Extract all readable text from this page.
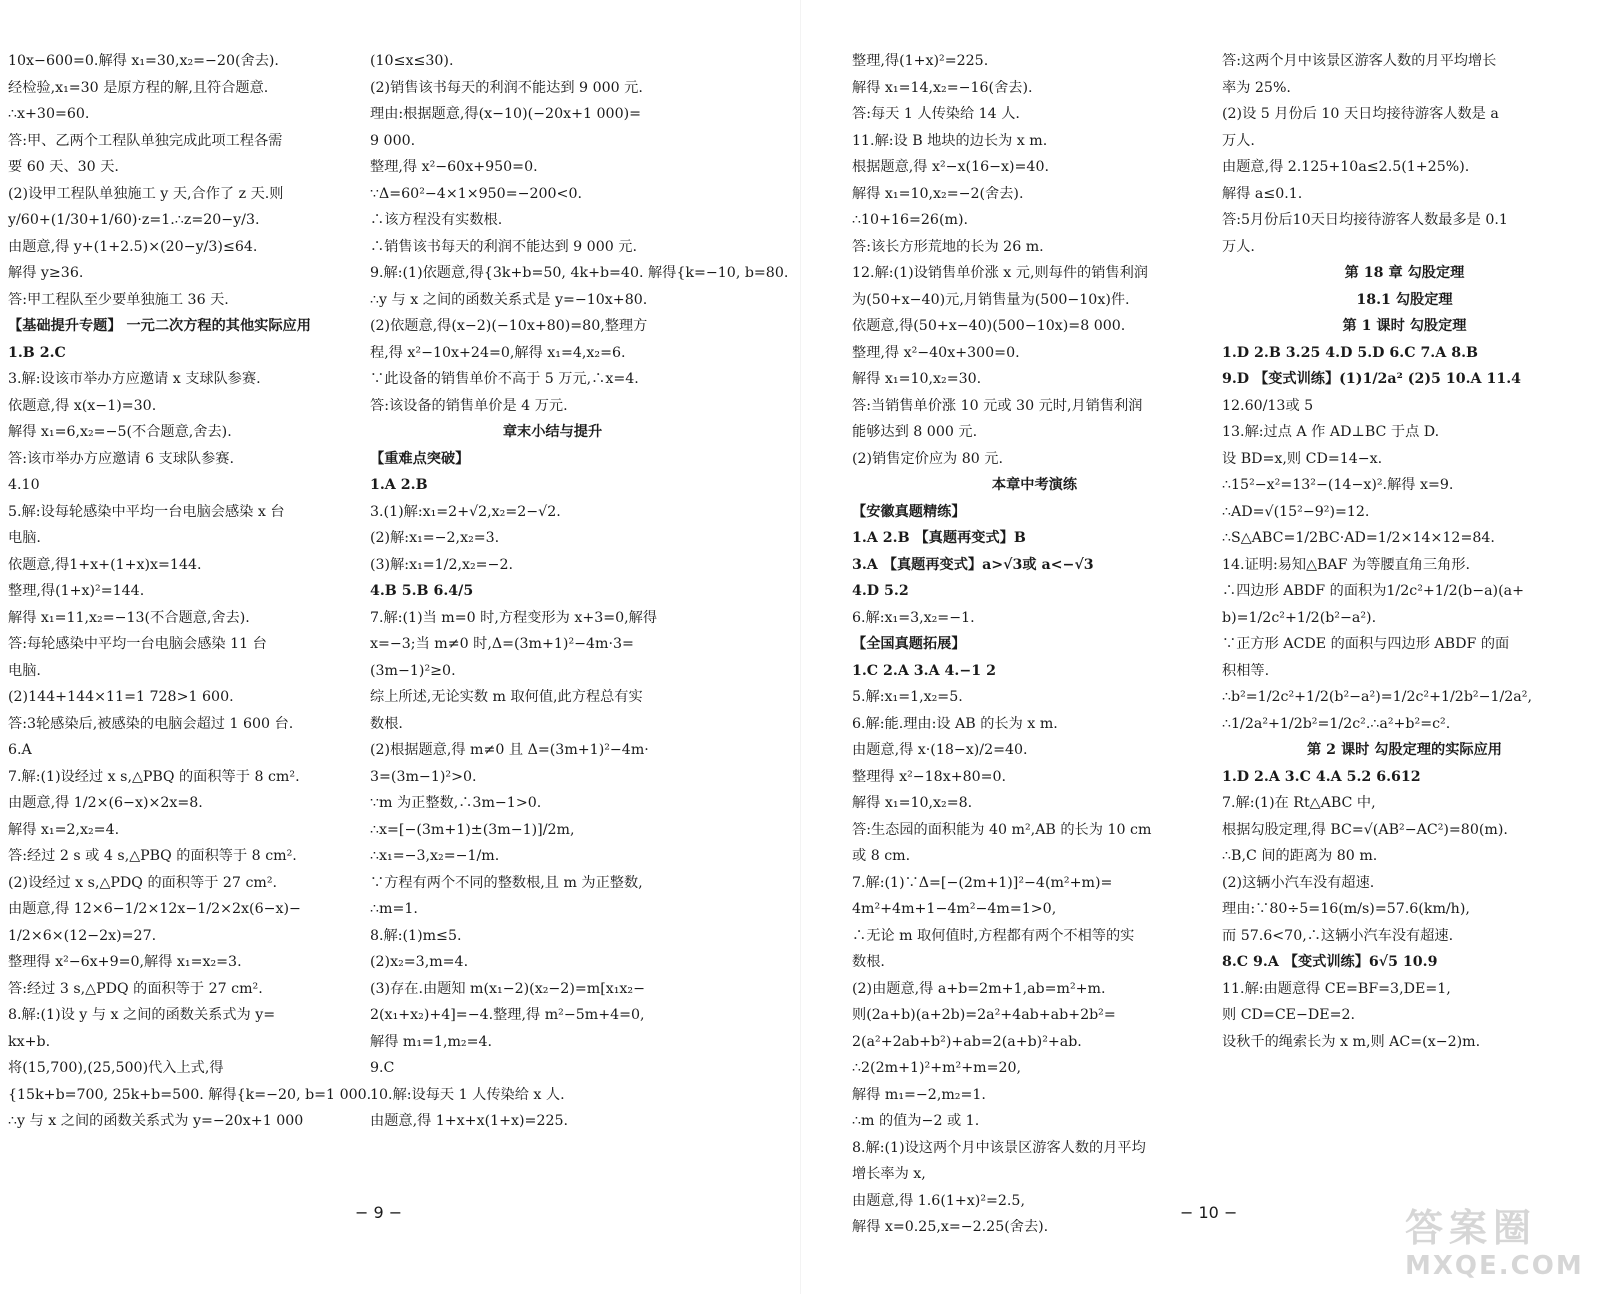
10x−600=0.解得 x₁=30,x₂=−20(舍去).
经检验,x₁=30 是原方程的解,且符合题意.
∴x+30=60.
答:甲、乙两个工程队单独完成此项工程各需
要 60 天、30 天.
(2)设甲工程队单独施工 y 天,合作了 z 天.则
y/60+(1/30+1/60)·z=1.∴z=20−y/3.
由题意,得 y+(1+2.5)×(20−y/3)≤64.
解得 y≥36.
答:甲工程队至少要单独施工 36 天.
【基础提升专题】 一元二次方程的其他实际应用
1.B 2.C
3.解:设该市举办方应邀请 x 支球队参赛.
依题意,得 x(x−1)=30.
解得 x₁=6,x₂=−5(不合题意,舍去).
答:该市举办方应邀请 6 支球队参赛.
4.10
5.解:设每轮感染中平均一台电脑会感染 x 台
电脑.
依题意,得1+x+(1+x)x=144.
整理,得(1+x)²=144.
解得 x₁=11,x₂=−13(不合题意,舍去).
答:每轮感染中平均一台电脑会感染 11 台
电脑.
(2)144+144×11=1 728>1 600.
答:3轮感染后,被感染的电脑会超过 1 600 台.
6.A
7.解:(1)设经过 x s,△PBQ 的面积等于 8 cm².
由题意,得 1/2×(6−x)×2x=8.
解得 x₁=2,x₂=4.
答:经过 2 s 或 4 s,△PBQ 的面积等于 8 cm².
(2)设经过 x s,△PDQ 的面积等于 27 cm².
由题意,得 12×6−1/2×12x−1/2×2x(6−x)−
1/2×6×(12−2x)=27.
整理得 x²−6x+9=0,解得 x₁=x₂=3.
答:经过 3 s,△PDQ 的面积等于 27 cm².
8.解:(1)设 y 与 x 之间的函数关系式为 y=
kx+b.
将(15,700),(25,500)代入上式,得
{15k+b=700, 25k+b=500. 解得{k=−20, b=1 000.
∴y 与 x 之间的函数关系式为 y=−20x+1 000
(10≤x≤30).
(2)销售该书每天的利润不能达到 9 000 元.
理由:根据题意,得(x−10)(−20x+1 000)=
9 000.
整理,得 x²−60x+950=0.
∵Δ=60²−4×1×950=−200<0.
∴该方程没有实数根.
∴销售该书每天的利润不能达到 9 000 元.
9.解:(1)依题意,得{3k+b=50, 4k+b=40. 解得{k=−10, b=80.
∴y 与 x 之间的函数关系式是 y=−10x+80.
(2)依题意,得(x−2)(−10x+80)=80,整理方
程,得 x²−10x+24=0,解得 x₁=4,x₂=6.
∵此设备的销售单价不高于 5 万元,∴x=4.
答:该设备的销售单价是 4 万元.
章末小结与提升
【重难点突破】
1.A 2.B
3.(1)解:x₁=2+√2,x₂=2−√2.
(2)解:x₁=−2,x₂=3.
(3)解:x₁=1/2,x₂=−2.
4.B 5.B 6.4/5
7.解:(1)当 m=0 时,方程变形为 x+3=0,解得
x=−3;当 m≠0 时,Δ=(3m+1)²−4m·3=
(3m−1)²≥0.
综上所述,无论实数 m 取何值,此方程总有实
数根.
(2)根据题意,得 m≠0 且 Δ=(3m+1)²−4m·
3=(3m−1)²>0.
∵m 为正整数,∴3m−1>0.
∴x=[−(3m+1)±(3m−1)]/2m,
∴x₁=−3,x₂=−1/m.
∵方程有两个不同的整数根,且 m 为正整数,
∴m=1.
8.解:(1)m≤5.
(2)x₂=3,m=4.
(3)存在.由题知 m(x₁−2)(x₂−2)=m[x₁x₂−
2(x₁+x₂)+4]=−4.整理,得 m²−5m+4=0,
解得 m₁=1,m₂=4.
9.C
10.解:设每天 1 人传染给 x 人.
由题意,得 1+x+x(1+x)=225.
整理,得(1+x)²=225.
解得 x₁=14,x₂=−16(舍去).
答:每天 1 人传染给 14 人.
11.解:设 B 地块的边长为 x m.
根据题意,得 x²−x(16−x)=40.
解得 x₁=10,x₂=−2(舍去).
∴10+16=26(m).
答:该长方形荒地的长为 26 m.
12.解:(1)设销售单价涨 x 元,则每件的销售利润
为(50+x−40)元,月销售量为(500−10x)件.
依题意,得(50+x−40)(500−10x)=8 000.
整理,得 x²−40x+300=0.
解得 x₁=10,x₂=30.
答:当销售单价涨 10 元或 30 元时,月销售利润
能够达到 8 000 元.
(2)销售定价应为 80 元.
本章中考演练
【安徽真题精练】
1.A 2.B 【真题再变式】B
3.A 【真题再变式】a>√3或 a<−√3
4.D 5.2
6.解:x₁=3,x₂=−1.
【全国真题拓展】
1.C 2.A 3.A 4.−1 2
5.解:x₁=1,x₂=5.
6.解:能.理由:设 AB 的长为 x m.
由题意,得 x·(18−x)/2=40.
整理得 x²−18x+80=0.
解得 x₁=10,x₂=8.
答:生态园的面积能为 40 m²,AB 的长为 10 cm
或 8 cm.
7.解:(1)∵Δ=[−(2m+1)]²−4(m²+m)=
4m²+4m+1−4m²−4m=1>0,
∴无论 m 取何值时,方程都有两个不相等的实
数根.
(2)由题意,得 a+b=2m+1,ab=m²+m.
则(2a+b)(a+2b)=2a²+4ab+ab+2b²=
2(a²+2ab+b²)+ab=2(a+b)²+ab.
∴2(2m+1)²+m²+m=20,
解得 m₁=−2,m₂=1.
∴m 的值为−2 或 1.
8.解:(1)设这两个月中该景区游客人数的月平均
增长率为 x,
由题意,得 1.6(1+x)²=2.5,
解得 x=0.25,x=−2.25(舍去).
答:这两个月中该景区游客人数的月平均增长
率为 25%.
(2)设 5 月份后 10 天日均接待游客人数是 a
万人.
由题意,得 2.125+10a≤2.5(1+25%).
解得 a≤0.1.
答:5月份后10天日均接待游客人数最多是 0.1
万人.
第 18 章 勾股定理
18.1 勾股定理
第 1 课时 勾股定理
1.D 2.B 3.25 4.D 5.D 6.C 7.A 8.B
9.D 【变式训练】(1)1/2a² (2)5 10.A 11.4
12.60/13或 5
13.解:过点 A 作 AD⊥BC 于点 D.
设 BD=x,则 CD=14−x.
∴15²−x²=13²−(14−x)².解得 x=9.
∴AD=√(15²−9²)=12.
∴S△ABC=1/2BC·AD=1/2×14×12=84.
14.证明:易知△BAF 为等腰直角三角形.
∴四边形 ABDF 的面积为1/2c²+1/2(b−a)(a+
b)=1/2c²+1/2(b²−a²).
∵正方形 ACDE 的面积与四边形 ABDF 的面
积相等.
∴b²=1/2c²+1/2(b²−a²)=1/2c²+1/2b²−1/2a²,
∴1/2a²+1/2b²=1/2c².∴a²+b²=c².
第 2 课时 勾股定理的实际应用
1.D 2.A 3.C 4.A 5.2 6.612
7.解:(1)在 Rt△ABC 中,
根据勾股定理,得 BC=√(AB²−AC²)=80(m).
∴B,C 间的距离为 80 m.
(2)这辆小汽车没有超速.
理由:∵80÷5=16(m/s)=57.6(km/h),
而 57.6<70,∴这辆小汽车没有超速.
8.C 9.A 【变式训练】6√5 10.9
11.解:由题意得 CE=BF=3,DE=1,
则 CD=CE−DE=2.
设秋千的绳索长为 x m,则 AC=(x−2)m.
− 9 −	− 10 −	答案圈
MXQE.COM
